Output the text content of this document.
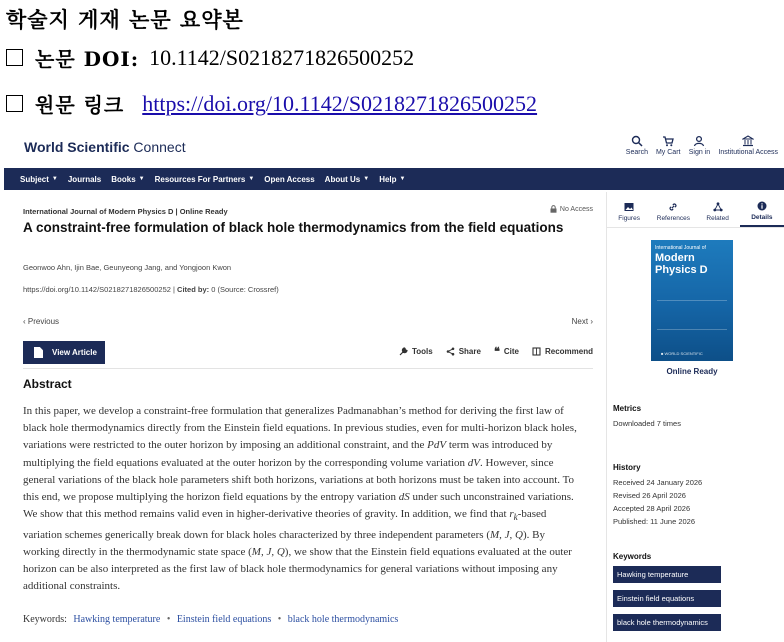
학술지 게재 논문 요약본
논문 DOI: 10.1142/S0218271826500252
원문 링크 https://doi.org/10.1142/S0218271826500252
World Scientific Connect	Search My Cart Sign in Institutional Access
Subject ▼ Journals Books ▼ Resources For Partners ▼ Open Access About Us ▼ Help ▼
International Journal of Modern Physics D | Online Ready	No Access
A constraint-free formulation of black hole thermodynamics from the field equations
Geonwoo Ahn, Ijin Bae, Geunyeong Jang, and Yongjoon Kwon
https://doi.org/10.1142/S0218271826500252 | Cited by: 0 (Source: Crossref)
‹ Previous	Next ›
View Article	Tools	Share ❝ Cite	Recommend
Abstract

In this paper, we develop a constraint-free formulation that generalizes Padmanabhan’s method for deriving the first law of black hole thermodynamics directly from the Einstein field equations. In previous studies, even for multi-horizon black holes, variations were restricted to the outer horizon by imposing an additional constraint, and the PdV term was introduced by multiplying the field equations evaluated at the outer horizon by the corresponding volume variation dV. However, since general variations of the black hole parameters shift both horizons, variations at both horizons must be taken into account. To this end, we propose multiplying the horizon field equations by the entropy variation dS under such unconstrained variations. We show that this method remains valid even in higher-derivative theories of gravity. In addition, we find that $r_k$-based variation schemes generically break down for black holes characterized by three independent parameters (M, J, Q). By working directly in the thermodynamic state space (M, J, Q), we show that the Einstein field equations evaluated at the outer horizon can be also interpreted as the first law of black hole thermodynamics for general variations without imposing any additional constraints.

Keywords: Hawking temperature • Einstein field equations • black hole thermodynamics
Figures	References	Related	Details
International Journal of
Modern Physics D
■ WORLD SCIENTIFIC
Online Ready
Metrics
Downloaded 7 times
History
Received 24 January 2026
Revised 26 April 2026
Accepted 28 April 2026
Published: 11 June 2026
Keywords
Hawking temperature
Einstein field equations
black hole thermodynamics
